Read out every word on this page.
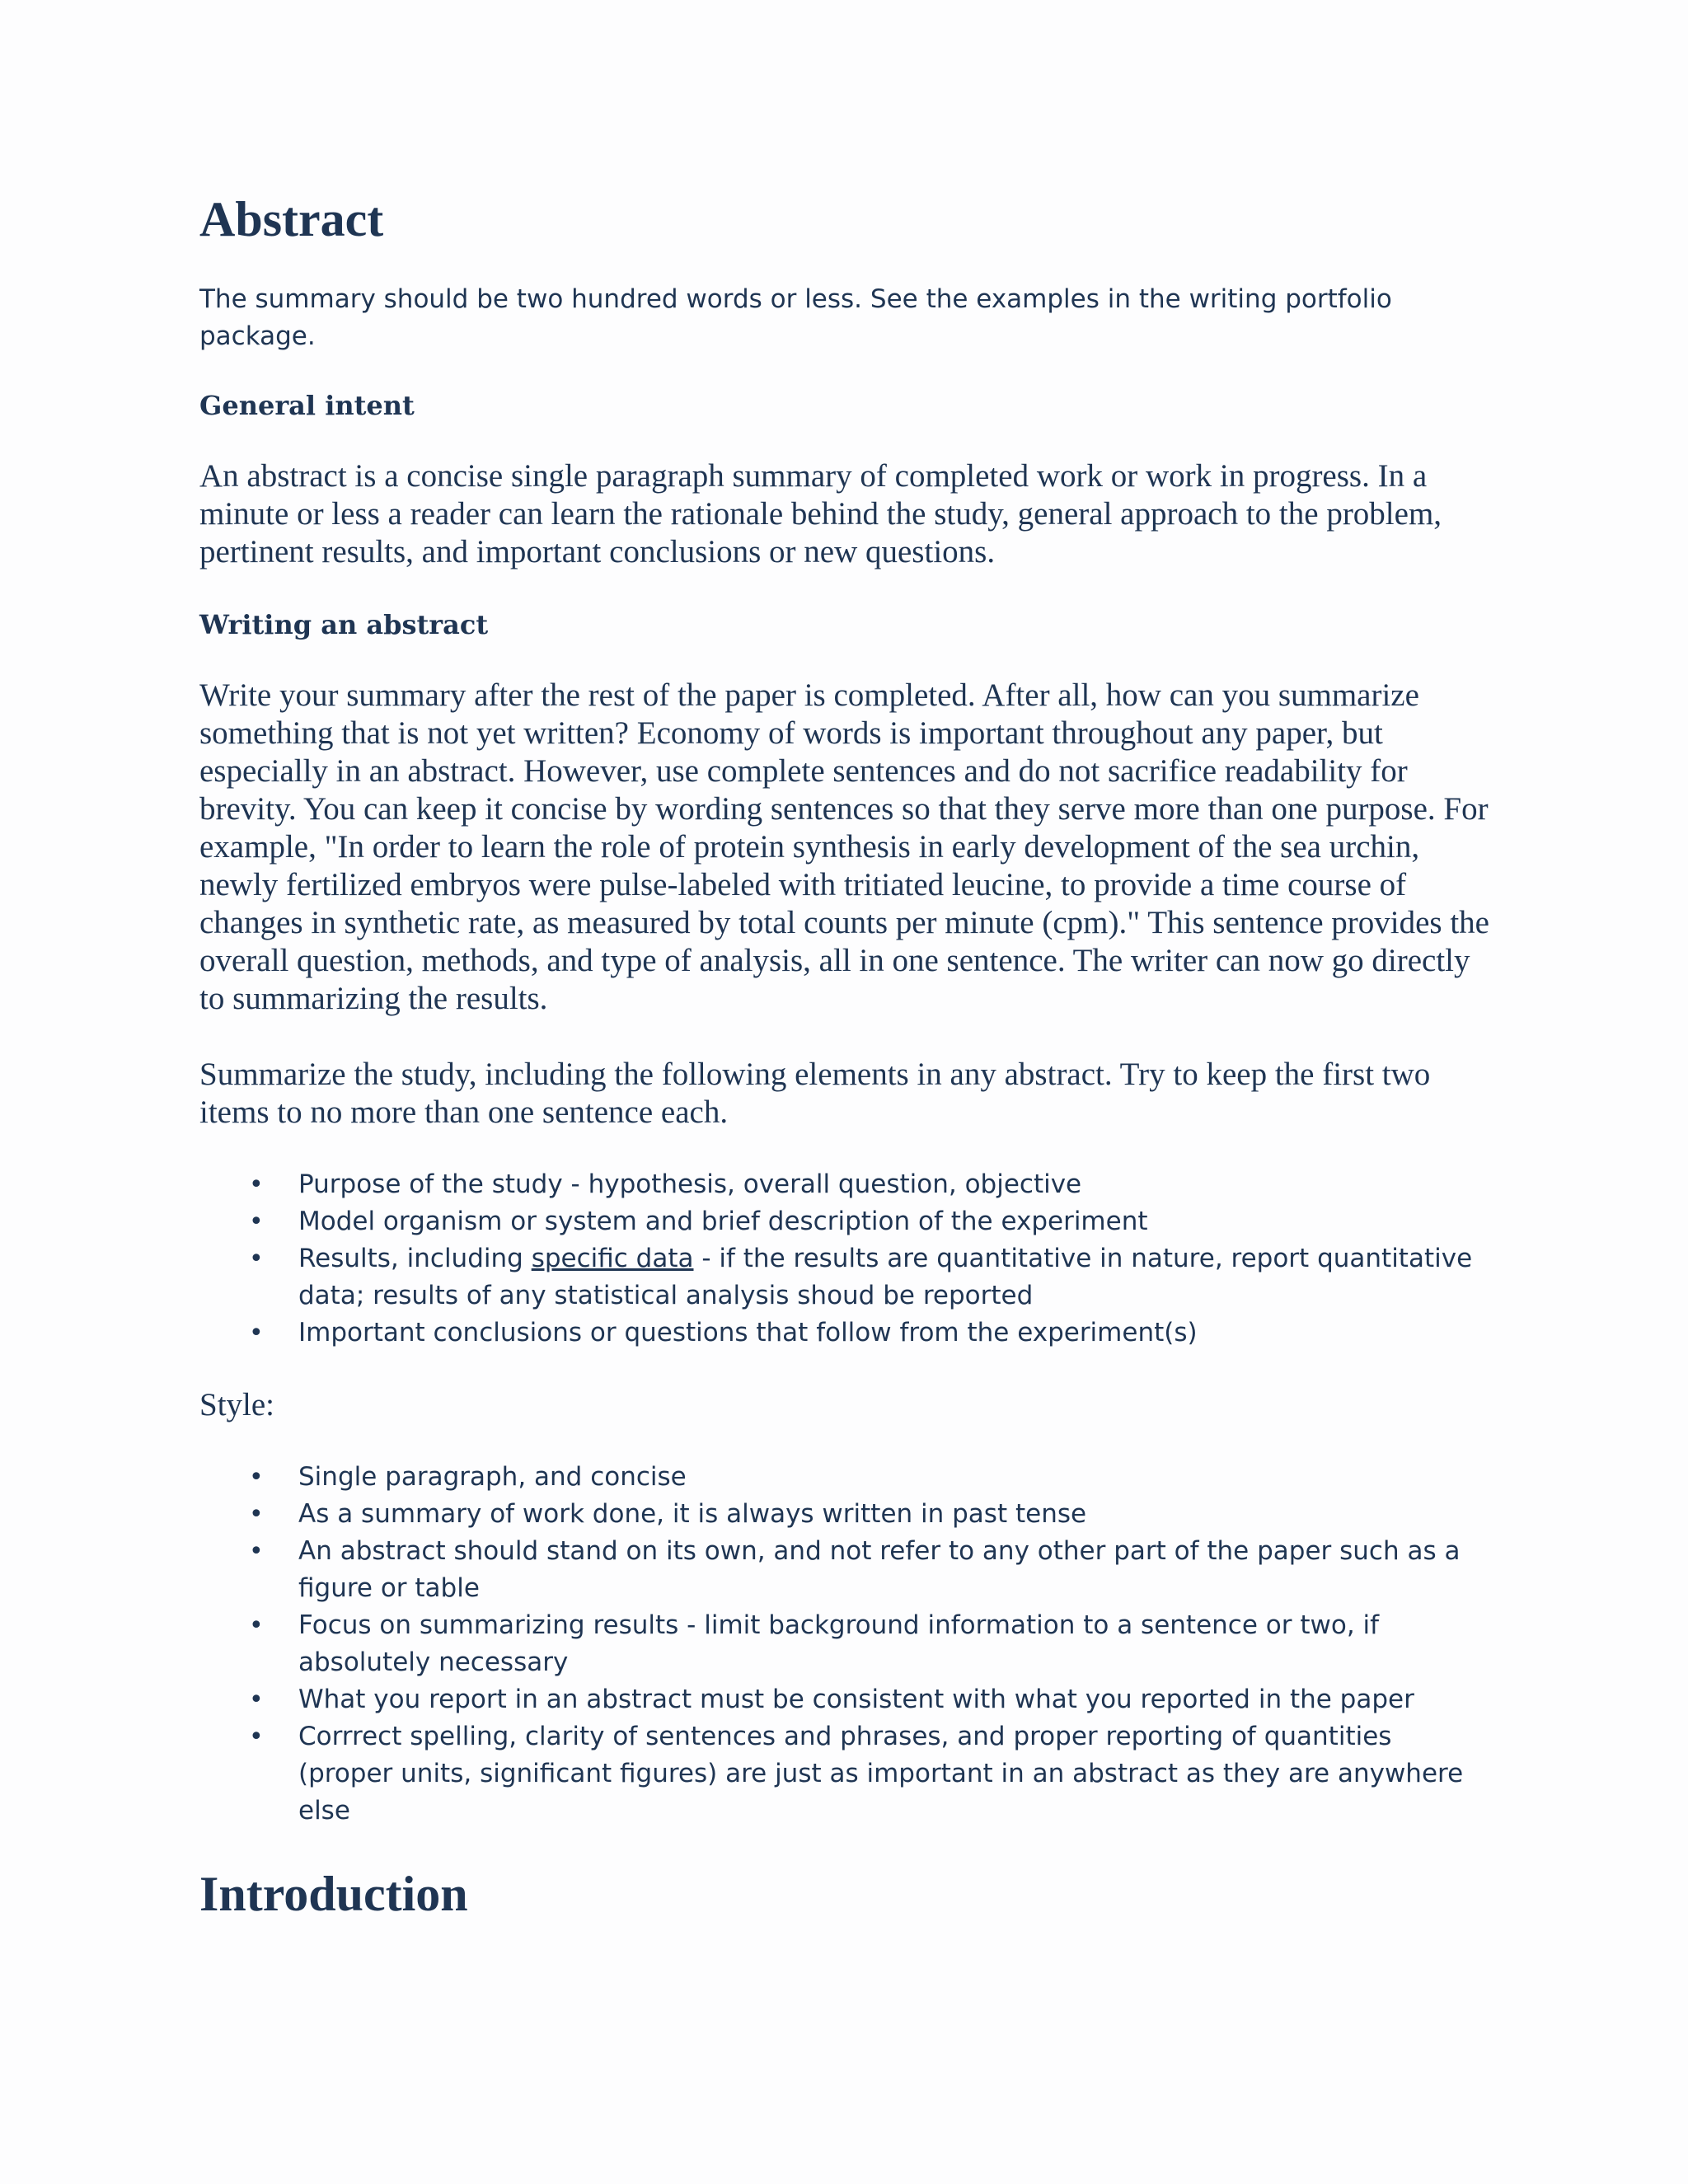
Abstract

The summary should be two hundred words or less. See the examples in the writing portfolio package.

General intent

An abstract is a concise single paragraph summary of completed work or work in progress. In a minute or less a reader can learn the rationale behind the study, general approach to the problem, pertinent results, and important conclusions or new questions.

Writing an abstract

Write your summary after the rest of the paper is completed. After all, how can you summarize something that is not yet written? Economy of words is important throughout any paper, but especially in an abstract. However, use complete sentences and do not sacrifice readability for brevity. You can keep it concise by wording sentences so that they serve more than one purpose. For example, "In order to learn the role of protein synthesis in early development of the sea urchin, newly fertilized embryos were pulse-labeled with tritiated leucine, to provide a time course of changes in synthetic rate, as measured by total counts per minute (cpm)." This sentence provides the overall question, methods, and type of analysis, all in one sentence. The writer can now go directly to summarizing the results.

Summarize the study, including the following elements in any abstract. Try to keep the first two items to no more than one sentence each.

• Purpose of the study - hypothesis, overall question, objective
• Model organism or system and brief description of the experiment
• Results, including specific data - if the results are quantitative in nature, report quantitative data; results of any statistical analysis shoud be reported
• Important conclusions or questions that follow from the experiment(s)

Style:

• Single paragraph, and concise
• As a summary of work done, it is always written in past tense
• An abstract should stand on its own, and not refer to any other part of the paper such as a figure or table
• Focus on summarizing results - limit background information to a sentence or two, if absolutely necessary
• What you report in an abstract must be consistent with what you reported in the paper
• Corrrect spelling, clarity of sentences and phrases, and proper reporting of quantities (proper units, significant figures) are just as important in an abstract as they are anywhere else
Introduction
